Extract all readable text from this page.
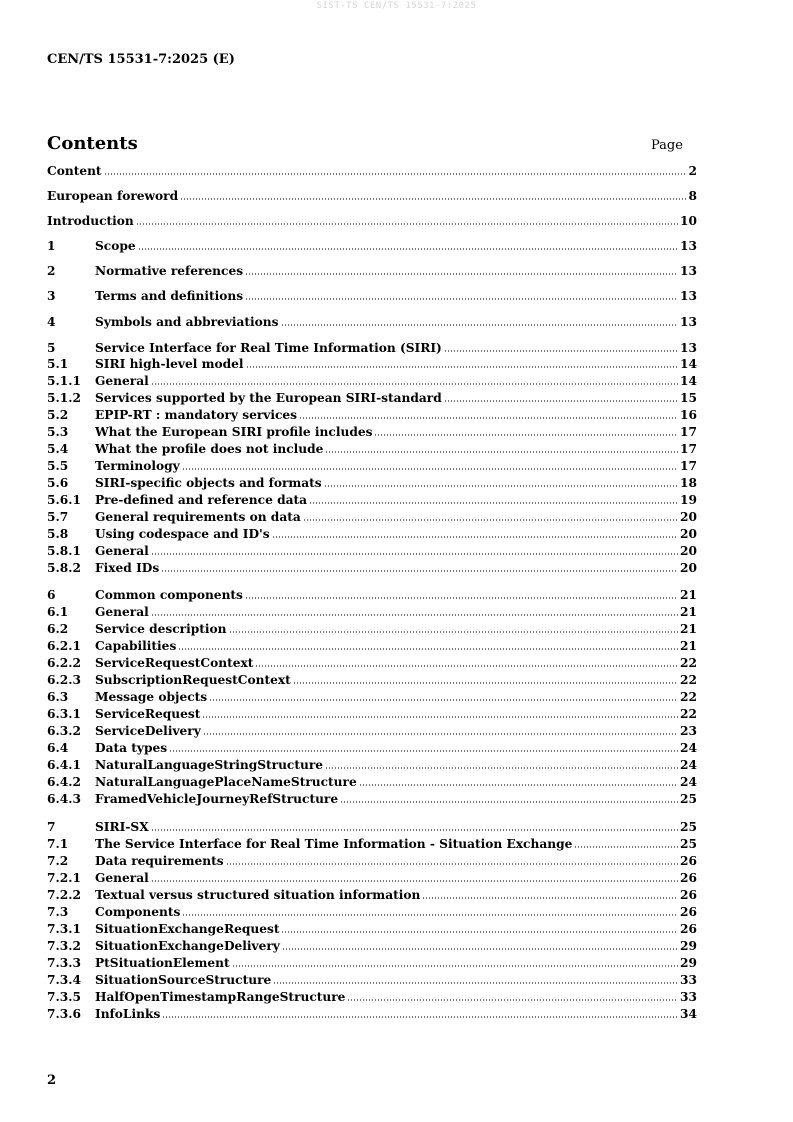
SIST-TS CEN/TS 15531-7:2025
CEN/TS 15531-7:2025 (E)
Contents	Page
Content	2
European foreword	8
Introduction	10
1	Scope	13
2	Normative references	13
3	Terms and definitions	13
4	Symbols and abbreviations	13
5	Service Interface for Real Time Information (SIRI)	13
5.1	SIRI high-level model	14
5.1.1	General	14
5.1.2	Services supported by the European SIRI-standard	15
5.2	EPIP-RT : mandatory services	16
5.3	What the European SIRI profile includes	17
5.4	What the profile does not include	17
5.5	Terminology	17
5.6	SIRI-specific objects and formats	18
5.6.1	Pre-defined and reference data	19
5.7	General requirements on data	20
5.8	Using codespace and ID's	20
5.8.1	General	20
5.8.2	Fixed IDs	20
6	Common components	21
6.1	General	21
6.2	Service description	21
6.2.1	Capabilities	21
6.2.2	ServiceRequestContext	22
6.2.3	SubscriptionRequestContext	22
6.3	Message objects	22
6.3.1	ServiceRequest	22
6.3.2	ServiceDelivery	23
6.4	Data types	24
6.4.1	NaturalLanguageStringStructure	24
6.4.2	NaturalLanguagePlaceNameStructure	24
6.4.3	FramedVehicleJourneyRefStructure	25
7	SIRI-SX	25
7.1	The Service Interface for Real Time Information - Situation Exchange	25
7.2	Data requirements	26
7.2.1	General	26
7.2.2	Textual versus structured situation information	26
7.3	Components	26
7.3.1	SituationExchangeRequest	26
7.3.2	SituationExchangeDelivery	29
7.3.3	PtSituationElement	29
7.3.4	SituationSourceStructure	33
7.3.5	HalfOpenTimestampRangeStructure	33
7.3.6	InfoLinks	34
2
